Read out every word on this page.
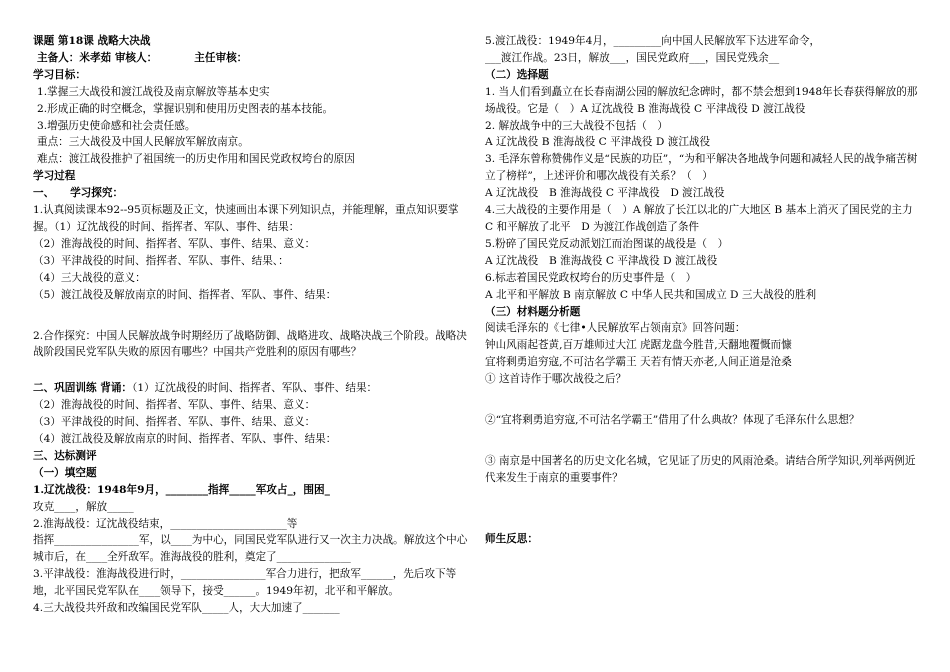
课题 第18课 战略大决战
主备人：米孝茹 审核人：　　　　主任审核：
学习目标：
1.掌握三大战役和渡江战役及南京解放等基本史实
2.形成正确的时空概念，掌握识别和使用历史图表的基本技能。
3.增强历史使命感和社会责任感。
重点：三大战役及中国人民解放军解放南京。
难点：渡江战役推护了祖国统一的历史作用和国民党政权垮台的原因
学习过程
一、　　学习探究：
1.认真阅读课本92--95页标题及正文，快速画出本课下列知识点，并能理解，重点知识要掌握。（1）辽沈战役的时间、指挥者、军队、事件、结果：
（2）淮海战役的时间、指挥者、军队、事件、结果、意义：
（3）平津战役的时间、指挥者、军队、事件、结果、：
（4）三大战役的意义：
（5）渡江战役及解放南京的时间、指挥者、军队、事件、结果：
2.合作探究：中国人民解放战争时期经历了战略防御、战略进攻、战略决战三个阶段。战略决战阶段国民党军队失败的原因有哪些？中国共产党胜利的原因有哪些？
二、巩固训练 背诵：（1）辽沈战役的时间、指挥者、军队、事件、结果：
（2）淮海战役的时间、指挥者、军队、事件、结果、意义：
（3）平津战役的时间、指挥者、军队、事件、结果、意义：
（4）渡江战役及解放南京的时间、指挥者、军队、事件、结果：
三、达标测评
（一）填空题
1.辽沈战役：1948年9月，________指挥_____军攻占_，围困_
攻克____，解放_____
2.淮海战役：辽沈战役结束，______________________等
指挥________________军，以____为中心，同国民党军队进行又一次主力决战。解放这个中心城市后，在____全歼敌军。淮海战役的胜利，奠定了______________
3.平津战役：淮海战役进行时，________________军合力进行，把敌军______，先后攻下等地，北平国民党军队在____领导下，接受______。1949年初，北平和平解放。
4.三大战役共歼敌和改编国民党军队_____人，大大加速了_______
5.渡江战役：1949年4月，_________向中国人民解放军下达进军命令，
___渡江作战。23日，解放___，国民党政府___，国民党残余__
（二）选择题
1. 当人们看到矗立在长春南湖公园的解放纪念碑时，都不禁会想到1948年长春获得解放的那场战役。它是（　）A 辽沈战役 B 淮海战役 C 平津战役 D 渡江战役
2. 解放战争中的三大战役不包括（　）
A 辽沈战役 B 淮海战役 C 平津战役 D 渡江战役
3. 毛泽东曾称赞佛作义是“民族的功臣”，“为和平解决各地战争问题和减轻人民的战争痛苦树立了榜样”，上述评价和哪次战役有关系？（　）
A 辽沈战役　B 淮海战役 C 平津战役　D 渡江战役
4.三大战役的主要作用是（　）A 解放了长江以北的广大地区 B 基本上消灭了国民党的主力　C 和平解放了北平　D 为渡江作战创造了条件
5.粉碎了国民党反动派划江而治图谋的战役是（　）
A 辽沈战役　B 淮海战役 C 平津战役 D 渡江战役
6.标志着国民党政权垮台的历史事件是（　）
A 北平和平解放 B 南京解放 C 中华人民共和国成立 D 三大战役的胜利
（三）材料题分析题
阅读毛泽东的《七律•人民解放军占领南京》回答问题：
钟山风雨起苍黄,百万雄师过大江 虎踞龙盘今胜昔,天翻地覆慨而慷
宜将剩勇追穷寇,不可沽名学霸王 天若有情天亦老,人间正道是沧桑
① 这首诗作于哪次战役之后？
②“宜将剩勇追穷寇,不可沽名学霸王”借用了什么典故？体现了毛泽东什么思想？
③ 南京是中国著名的历史文化名城，它见证了历史的风雨沧桑。请结合所学知识,列举两例近代来发生于南京的重要事件？
师生反思：
